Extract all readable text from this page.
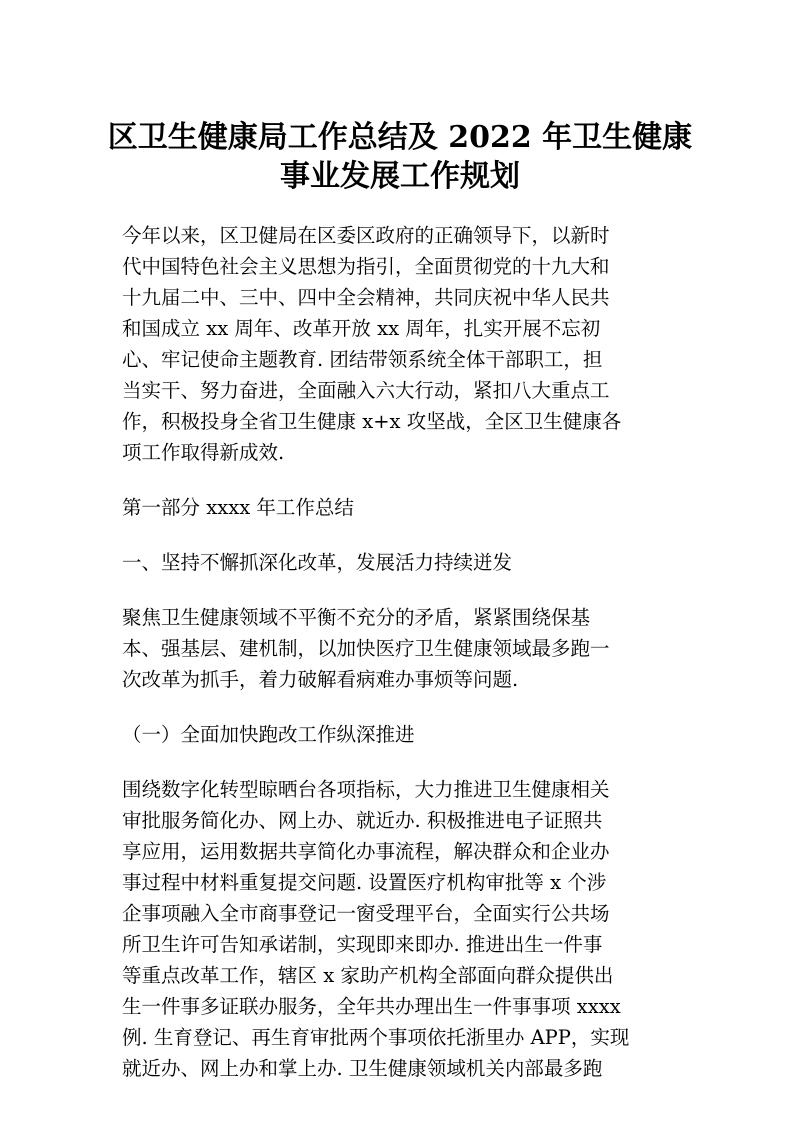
区卫生健康局工作总结及 2022 年卫生健康
事业发展工作规划
今年以来，区卫健局在区委区政府的正确领导下，以新时
代中国特色社会主义思想为指引，全面贯彻党的十九大和
十九届二中、三中、四中全会精神，共同庆祝中华人民共
和国成立 xx 周年、改革开放 xx 周年，扎实开展不忘初
心、牢记使命主题教育. 团结带领系统全体干部职工，担
当实干、努力奋进，全面融入六大行动，紧扣八大重点工
作，积极投身全省卫生健康 x+x 攻坚战，全区卫生健康各
项工作取得新成效.
第一部分 xxxx 年工作总结
一、坚持不懈抓深化改革，发展活力持续迸发
聚焦卫生健康领域不平衡不充分的矛盾，紧紧围绕保基
本、强基层、建机制，以加快医疗卫生健康领域最多跑一
次改革为抓手，着力破解看病难办事烦等问题.
（一）全面加快跑改工作纵深推进
围绕数字化转型晾晒台各项指标，大力推进卫生健康相关
审批服务简化办、网上办、就近办. 积极推进电子证照共
享应用，运用数据共享简化办事流程，解决群众和企业办
事过程中材料重复提交问题. 设置医疗机构审批等 x 个涉
企事项融入全市商事登记一窗受理平台，全面实行公共场
所卫生许可告知承诺制，实现即来即办. 推进出生一件事
等重点改革工作，辖区 x 家助产机构全部面向群众提供出
生一件事多证联办服务，全年共办理出生一件事事项 xxxx
例. 生育登记、再生育审批两个事项依托浙里办 APP，实现
就近办、网上办和掌上办. 卫生健康领域机关内部最多跑
